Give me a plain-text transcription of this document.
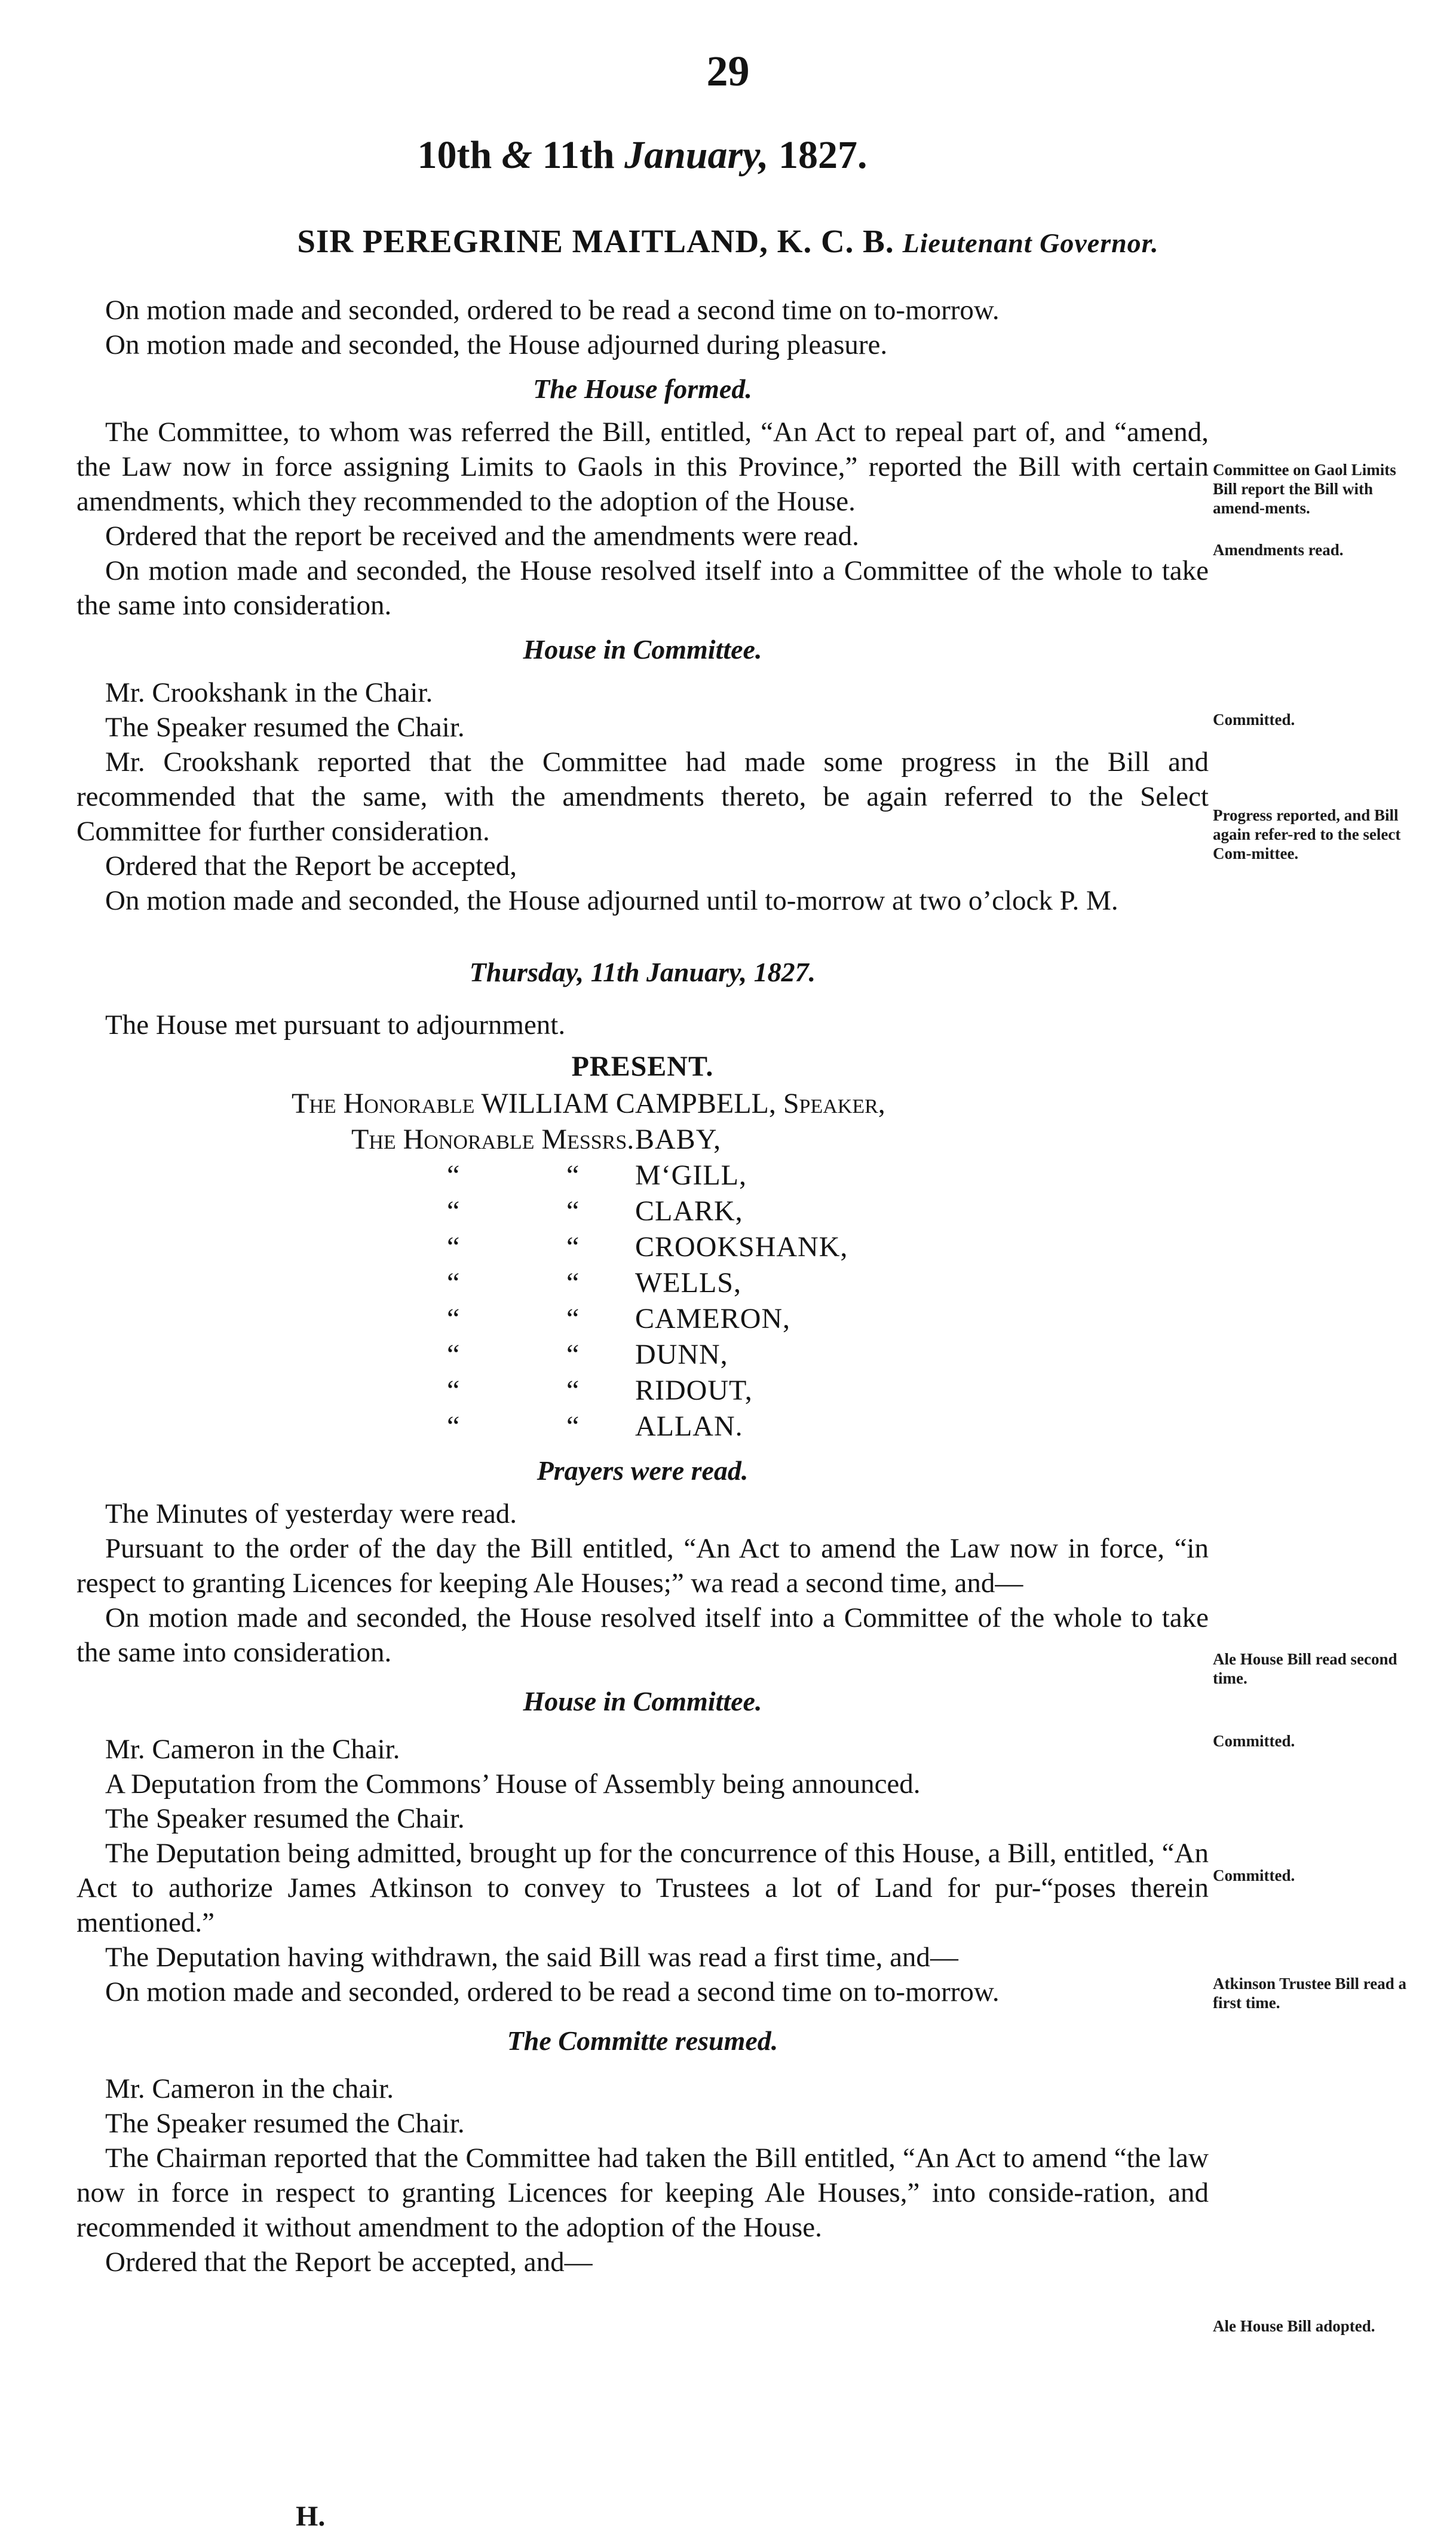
29
10th & 11th January, 1827.
SIR PEREGRINE MAITLAND, K. C. B. Lieutenant Governor.

On motion made and seconded, ordered to be read a second time on to-morrow.

On motion made and seconded, the House adjourned during pleasure.

The House formed.

The Committee, to whom was referred the Bill, entitled, “An Act to repeal part of, and “amend, the Law now in force assigning Limits to Gaols in this Province,” reported the Bill with certain amendments, which they recommended to the adoption of the House.

Ordered that the report be received and the amendments were read.

On motion made and seconded, the House resolved itself into a Committee of the whole to take the same into consideration.

House in Committee.

Mr. Crookshank in the Chair.

The Speaker resumed the Chair.

Mr. Crookshank reported that the Committee had made some progress in the Bill and recommended that the same, with the amendments thereto, be again referred to the Select Committee for further consideration.

Ordered that the Report be accepted,

On motion made and seconded, the House adjourned until to-morrow at two o’clock P. M.

Thursday, 11th January, 1827.

The House met pursuant to adjournment.

PRESENT.
The Honorable WILLIAM CAMPBELL, Speaker,
The Honorable Messrs. BABY,
“	“ M‘GILL,
“	“ CLARK,
“	“ CROOKSHANK,
“	“ WELLS,
“	“ CAMERON,
“	“ DUNN,
“	“ RIDOUT,
“	“ ALLAN.
Prayers were read.

The Minutes of yesterday were read.

Pursuant to the order of the day the Bill entitled, “An Act to amend the Law now in force, “in respect to granting Licences for keeping Ale Houses;” wa read a second time, and—

On motion made and seconded, the House resolved itself into a Committee of the whole to take the same into consideration.

House in Committee.

Mr. Cameron in the Chair.

A Deputation from the Commons’ House of Assembly being announced.

The Speaker resumed the Chair.

The Deputation being admitted, brought up for the concurrence of this House, a Bill, entitled, “An Act to authorize James Atkinson to convey to Trustees a lot of Land for pur-“poses therein mentioned.”

The Deputation having withdrawn, the said Bill was read a first time, and—

On motion made and seconded, ordered to be read a second time on to-morrow.

The Committe resumed.

Mr. Cameron in the chair.

The Speaker resumed the Chair.

The Chairman reported that the Committee had taken the Bill entitled, “An Act to amend “the law now in force in respect to granting Licences for keeping Ale Houses,” into conside-ration, and recommended it without amendment to the adoption of the House.

Ordered that the Report be accepted, and—

Committee on Gaol Limits Bill report the Bill with amend-ments.
Amendments read.
Committed.
Progress reported, and Bill again refer-red to the select Com-mittee.
Ale House Bill read second time.
Committed.
Committed.
Atkinson Trustee Bill read a first time.
Ale House Bill adopted.
H.
